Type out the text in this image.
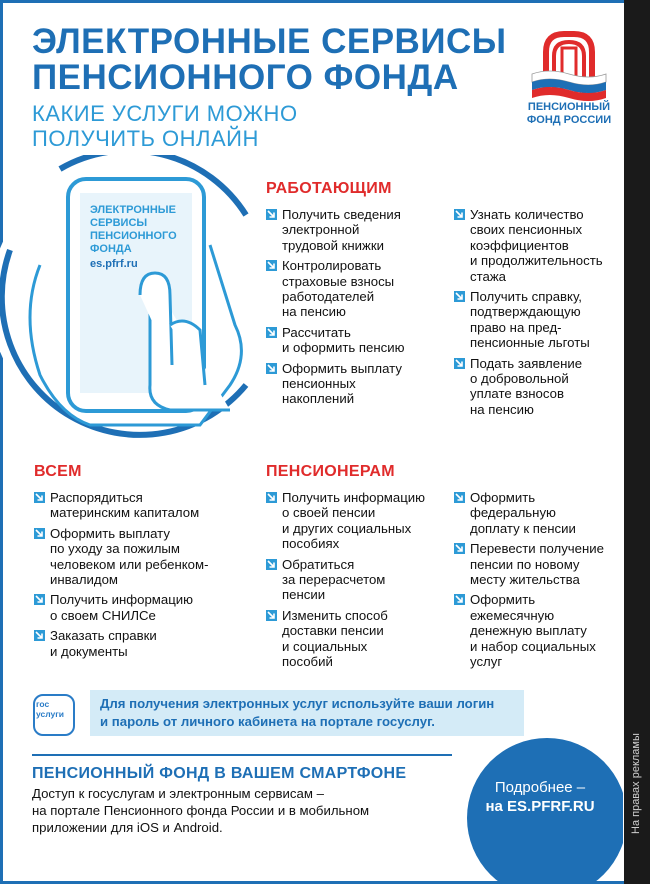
На правах рекламы
ЭЛЕКТРОННЫЕ СЕРВИСЫ
ПЕНСИОННОГО ФОНДА
КАКИЕ УСЛУГИ МОЖНО
ПОЛУЧИТЬ ОНЛАЙН
ПЕНСИОННЫЙ
ФОНД РОССИИ
ЭЛЕКТРОННЫЕ
СЕРВИСЫ
ПЕНСИОННОГО
ФОНДА
es.pfrf.ru
РАБОТАЮЩИМ
Получить сведения
электронной
трудовой книжки
Контролировать
страховые взносы
работодателей
на пенсию
Рассчитать
и оформить пенсию
Оформить выплату
пенсионных
накоплений
Узнать количество
своих пенсионных
коэффициентов
и продолжительность
стажа
Получить справку,
подтверждающую
право на пред-
пенсионные льготы
Подать заявление
о добровольной
уплате взносов
на пенсию
ВСЕМ
Распорядиться
материнским капиталом
Оформить выплату
по уходу за пожилым
человеком или ребенком-
инвалидом
Получить информацию
о своем СНИЛСе
Заказать справки
и документы
ПЕНСИОНЕРАМ
Получить информацию
о своей пенсии
и других социальных
пособиях
Обратиться
за перерасчетом
пенсии
Изменить способ
доставки пенсии
и социальных
пособий
Оформить
федеральную
доплату к пенсии
Перевести получение
пенсии по новому
месту жительства
Оформить
ежемесячную
денежную выплату
и набор социальных
услуг
гос
услуги
Для получения электронных услуг используйте ваши логин
и пароль от личного кабинета на портале госуслуг.
ПЕНСИОННЫЙ ФОНД В ВАШЕМ СМАРТФОНЕ
Доступ к госуслугам и электронным сервисам –
на портале Пенсионного фонда России и в мобильном
приложении для iOS и Android.
Подробнее –
на ES.PFRF.RU
